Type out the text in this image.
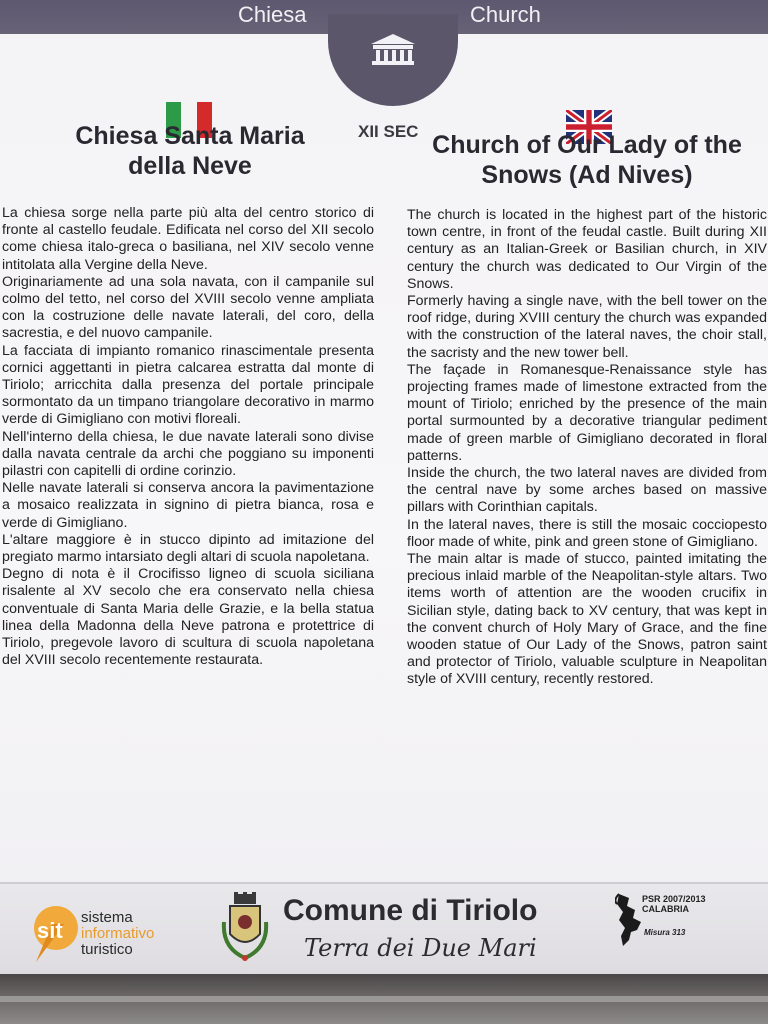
Chiesa	Church
XII SEC
Chiesa Santa Maria
della Neve
Church of Our Lady of the
Snows (Ad Nives)

La chiesa sorge nella parte più alta del centro storico di fronte al castello feudale. Edificata nel corso del XII secolo come chiesa italo-greca o basiliana, nel XIV secolo venne intitolata alla Vergine della Neve.

Originariamente ad una sola navata, con il campanile sul colmo del tetto, nel corso del XVIII secolo venne ampliata con la costruzione delle navate laterali, del coro, della sacrestia, e del nuovo campanile.

La facciata di impianto romanico rinascimentale presenta cornici aggettanti in pietra calcarea estratta dal monte di Tiriolo; arricchita dalla presenza del portale principale sormontato da un timpano triangolare decorativo in marmo verde di Gimigliano con motivi floreali.

Nell'interno della chiesa, le due navate laterali sono divise dalla navata centrale da archi che poggiano su imponenti pilastri con capitelli di ordine corinzio.

Nelle navate laterali si conserva ancora la pavimentazione a mosaico realizzata in signino di pietra bianca, rosa e verde di Gimigliano.

L'altare maggiore è in stucco dipinto ad imitazione del pregiato marmo intarsiato degli altari di scuola napoletana.

Degno di nota è il Crocifisso ligneo di scuola siciliana risalente al XV secolo che era conservato nella chiesa conventuale di Santa Maria delle Grazie, e la bella statua linea della Madonna della Neve patrona e protettrice di Tiriolo, pregevole lavoro di scultura di scuola napoletana del XVIII secolo recentemente restaurata.

The church is located in the highest part of the historic town centre, in front of the feudal castle. Built during XII century as an Italian-Greek or Basilian church, in XIV century the church was dedicated to Our Virgin of the Snows.

Formerly having a single nave, with the bell tower on the roof ridge, during XVIII century the church was expanded with the construction of the lateral naves, the choir stall, the sacristy and the new tower bell.

The façade in Romanesque-Renaissance style has projecting frames made of limestone extracted from the mount of Tiriolo; enriched by the presence of the main portal surmounted by a decorative triangular pediment made of green marble of Gimigliano decorated in floral patterns.

Inside the church, the two lateral naves are divided from the central nave by some arches based on massive pillars with Corinthian capitals.

In the lateral naves, there is still the mosaic cocciopesto floor made of white, pink and green stone of Gimigliano.

The main altar is made of stucco, painted imitating the precious inlaid marble of the Neapolitan-style altars. Two items worth of attention are the wooden crucifix in Sicilian style, dating back to XV century, that was kept in the convent church of Holy Mary of Grace, and the fine wooden statue of Our Lady of the Snows, patron saint and protector of Tiriolo, valuable sculpture in Neapolitan style of XVIII century, recently restored.

sit
sistema
informativo
turistico
Comune di Tiriolo
Terra dei Due Mari
PSR 2007/2013
CALABRIA
Misura 313
